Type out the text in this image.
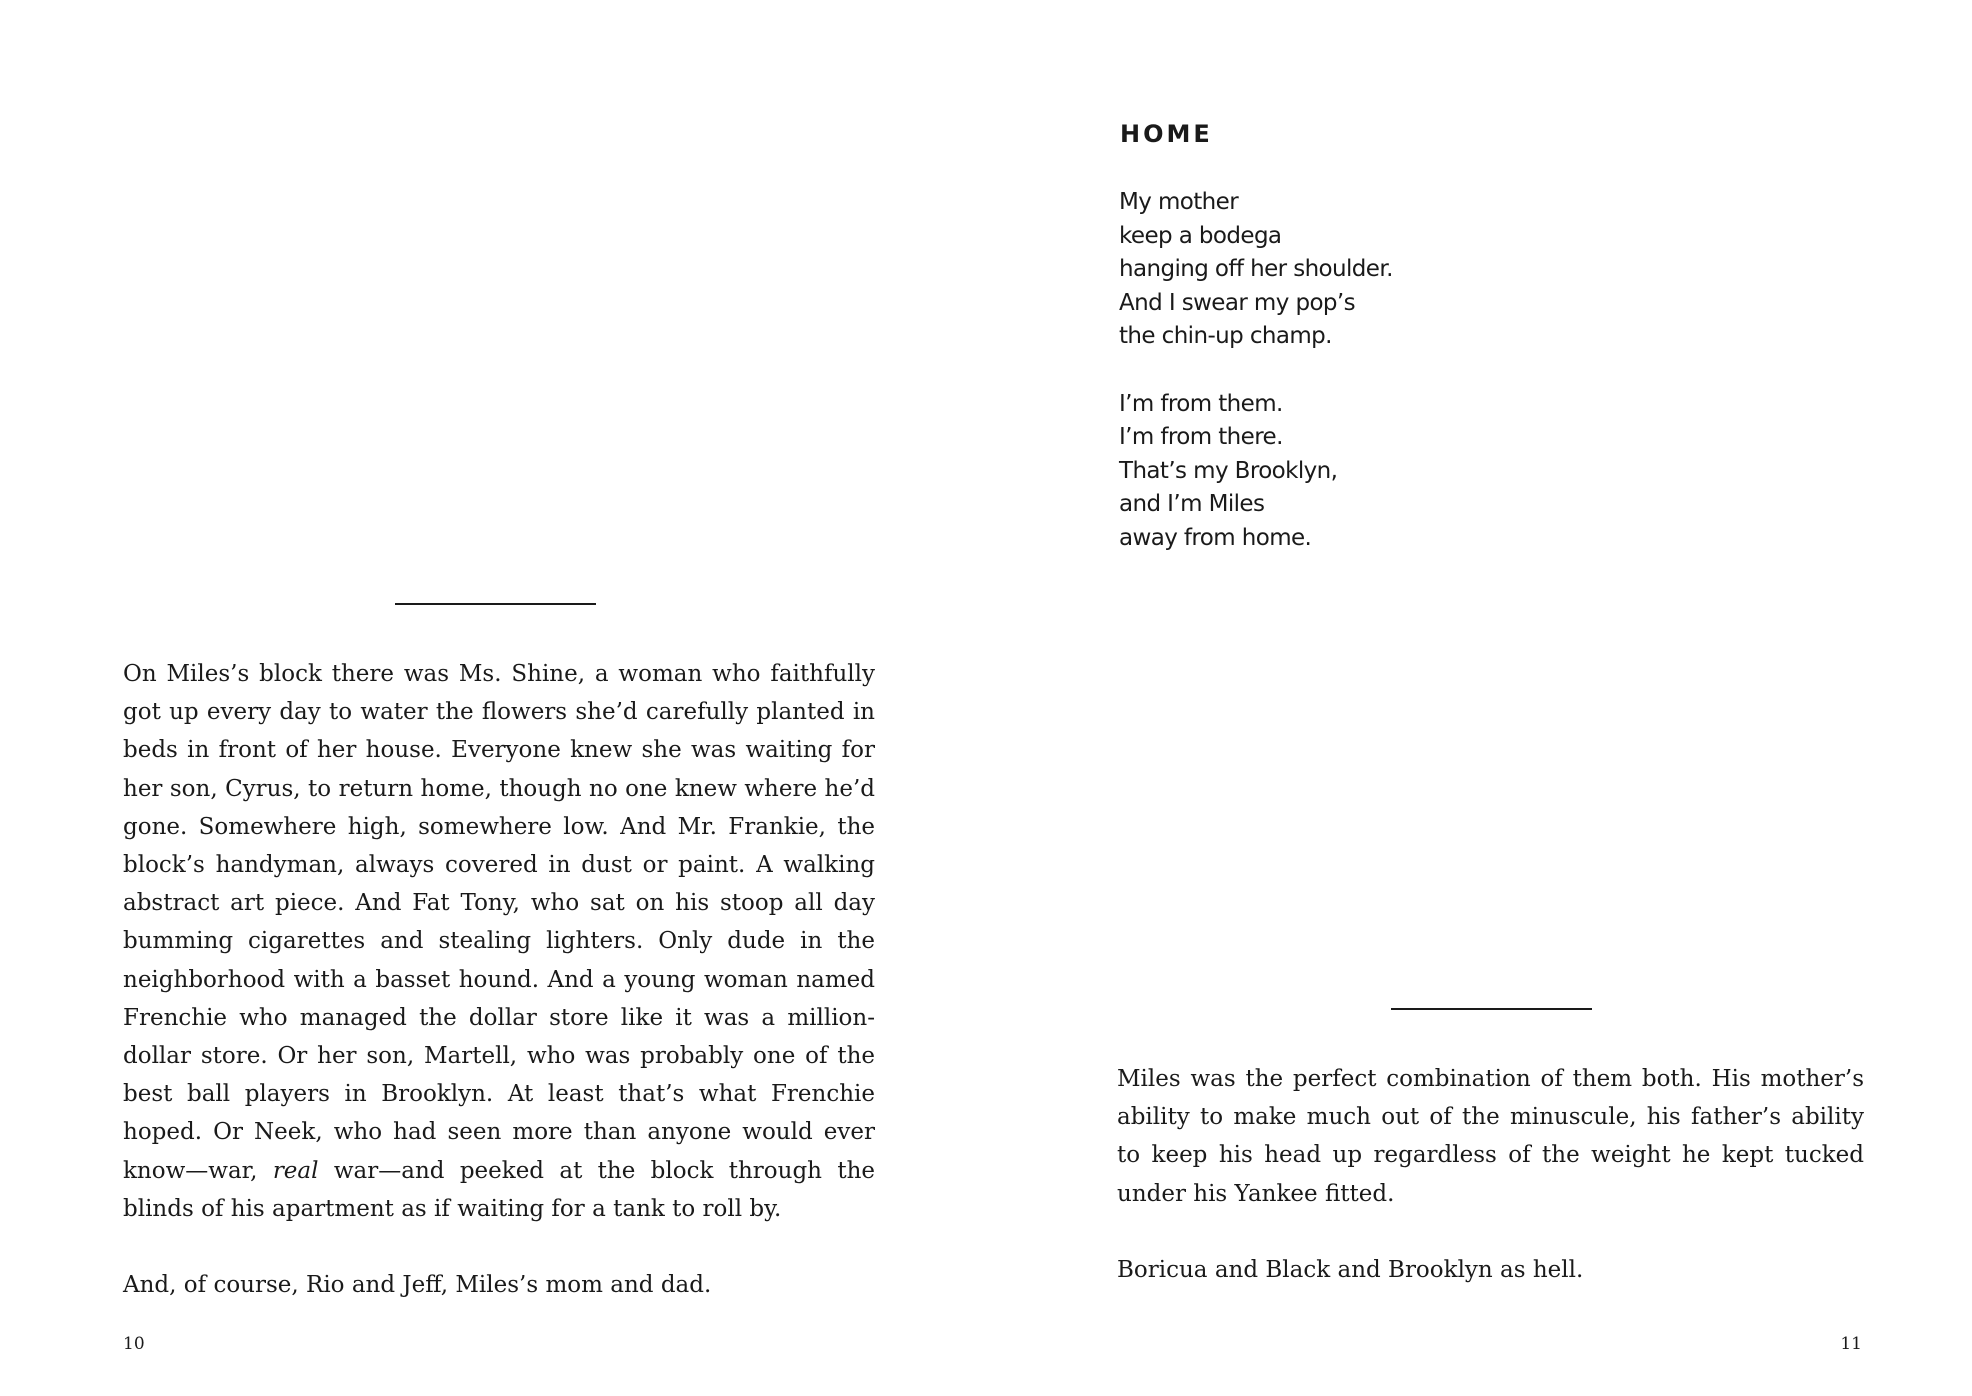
On Miles’s block there was Ms. Shine, a woman who faithfully got up every day to water the flowers she’d carefully planted in beds in front of her house. Everyone knew she was waiting for her son, Cyrus, to return home, though no one knew where he’d gone. Somewhere high, somewhere low. And Mr. Frankie, the block’s handyman, always covered in dust or paint. A walking abstract art piece. And Fat Tony, who sat on his stoop all day bumming cigarettes and stealing lighters. Only dude in the neighborhood with a basset hound. And a young woman named Frenchie who managed the dollar store like it was a million-dollar store. Or her son, Martell, who was probably one of the best ball players in Brooklyn. At least that’s what Frenchie hoped. Or Neek, who had seen more than anyone would ever know—war, real war—and peeked at the block through the blinds of his apartment as if waiting for a tank to roll by.

And, of course, Rio and Jeff, Miles’s mom and dad.

10
HOME
My mother
keep a bodega
hanging off her shoulder.
And I swear my pop’s
the chin-up champ.
I’m from them.
I’m from there.
That’s my Brooklyn,
and I’m Miles
away from home.

Miles was the perfect combination of them both. His mother’s ability to make much out of the minuscule, his father’s ability to keep his head up regardless of the weight he kept tucked under his Yankee fitted.

Boricua and Black and Brooklyn as hell.

11
